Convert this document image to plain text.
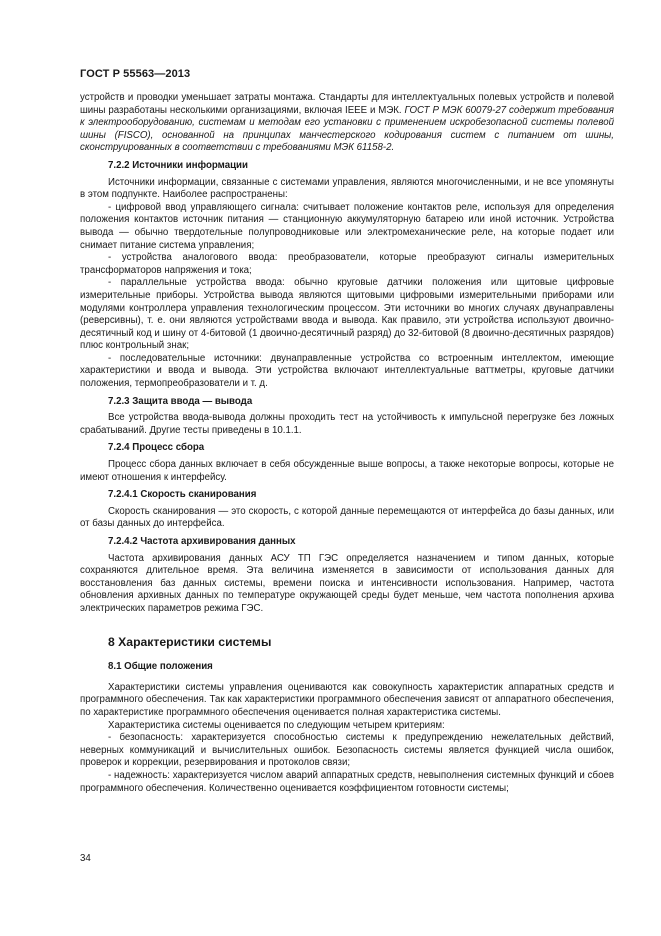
ГОСТ Р 55563—2013

устройств и проводки уменьшает затраты монтажа. Стандарты для интеллектуальных полевых устройств и полевой шины разработаны несколькими организациями, включая IEEE и МЭК. ГОСТ Р МЭК 60079-27 содержит требования к электрооборудованию, системам и методам его установки с применением искробезопасной системы полевой шины (FISCO), основанной на принципах манчестерского кодирования систем с питанием от шины, сконструированных в соответствии с требованиями МЭК 61158-2.

7.2.2 Источники информации

Источники информации, связанные с системами управления, являются многочисленными, и не все упомянуты в этом подпункте. Наиболее распространены:

- цифровой ввод управляющего сигнала: считывает положение контактов реле, используя для определения положения контактов источник питания — станционную аккумуляторную батарею или иной источник. Устройства вывода — обычно твердотельные полупроводниковые или электромеханические реле, на которые подает или снимает питание система управления;

- устройства аналогового ввода: преобразователи, которые преобразуют сигналы измерительных трансформаторов напряжения и тока;

- параллельные устройства ввода: обычно круговые датчики положения или щитовые цифровые измерительные приборы. Устройства вывода являются щитовыми цифровыми измерительными приборами или модулями контроллера управления технологическим процессом. Эти источники во многих случаях двунаправлены (реверсивны), т. е. они являются устройствами ввода и вывода. Как правило, эти устройства используют двоично-десятичный код и шину от 4-битовой (1 двоично-десятичный разряд) до 32-битовой (8 двоично-десятичных разрядов) плюс контрольный знак;

- последовательные источники: двунаправленные устройства со встроенным интеллектом, имеющие характеристики и ввода и вывода. Эти устройства включают интеллектуальные ваттметры, круговые датчики положения, термопреобразователи и т. д.

7.2.3 Защита ввода — вывода

Все устройства ввода-вывода должны проходить тест на устойчивость к импульсной перегрузке без ложных срабатываний. Другие тесты приведены в 10.1.1.

7.2.4 Процесс сбора

Процесс сбора данных включает в себя обсужденные выше вопросы, а также некоторые вопросы, которые не имеют отношения к интерфейсу.

7.2.4.1 Скорость сканирования

Скорость сканирования — это скорость, с которой данные перемещаются от интерфейса до базы данных, или от базы данных до интерфейса.

7.2.4.2 Частота архивирования данных

Частота архивирования данных АСУ ТП ГЭС определяется назначением и типом данных, которые сохраняются длительное время. Эта величина изменяется в зависимости от использования данных для восстановления баз данных системы, времени поиска и интенсивности использования. Например, частота обновления архивных данных по температуре окружающей среды будет меньше, чем частота пополнения архива электрических параметров режима ГЭС.

8 Характеристики системы
8.1 Общие положения

Характеристики системы управления оцениваются как совокупность характеристик аппаратных средств и программного обеспечения. Так как характеристики программного обеспечения зависят от аппаратного обеспечения, по характеристике программного обеспечения оценивается полная характеристика системы.

Характеристика системы оценивается по следующим четырем критериям:

- безопасность: характеризуется способностью системы к предупреждению нежелательных действий, неверных коммуникаций и вычислительных ошибок. Безопасность системы является функцией числа ошибок, проверок и коррекции, резервирования и протоколов связи;

- надежность: характеризуется числом аварий аппаратных средств, невыполнения системных функций и сбоев программного обеспечения. Количественно оценивается коэффициентом готовности системы;

34
